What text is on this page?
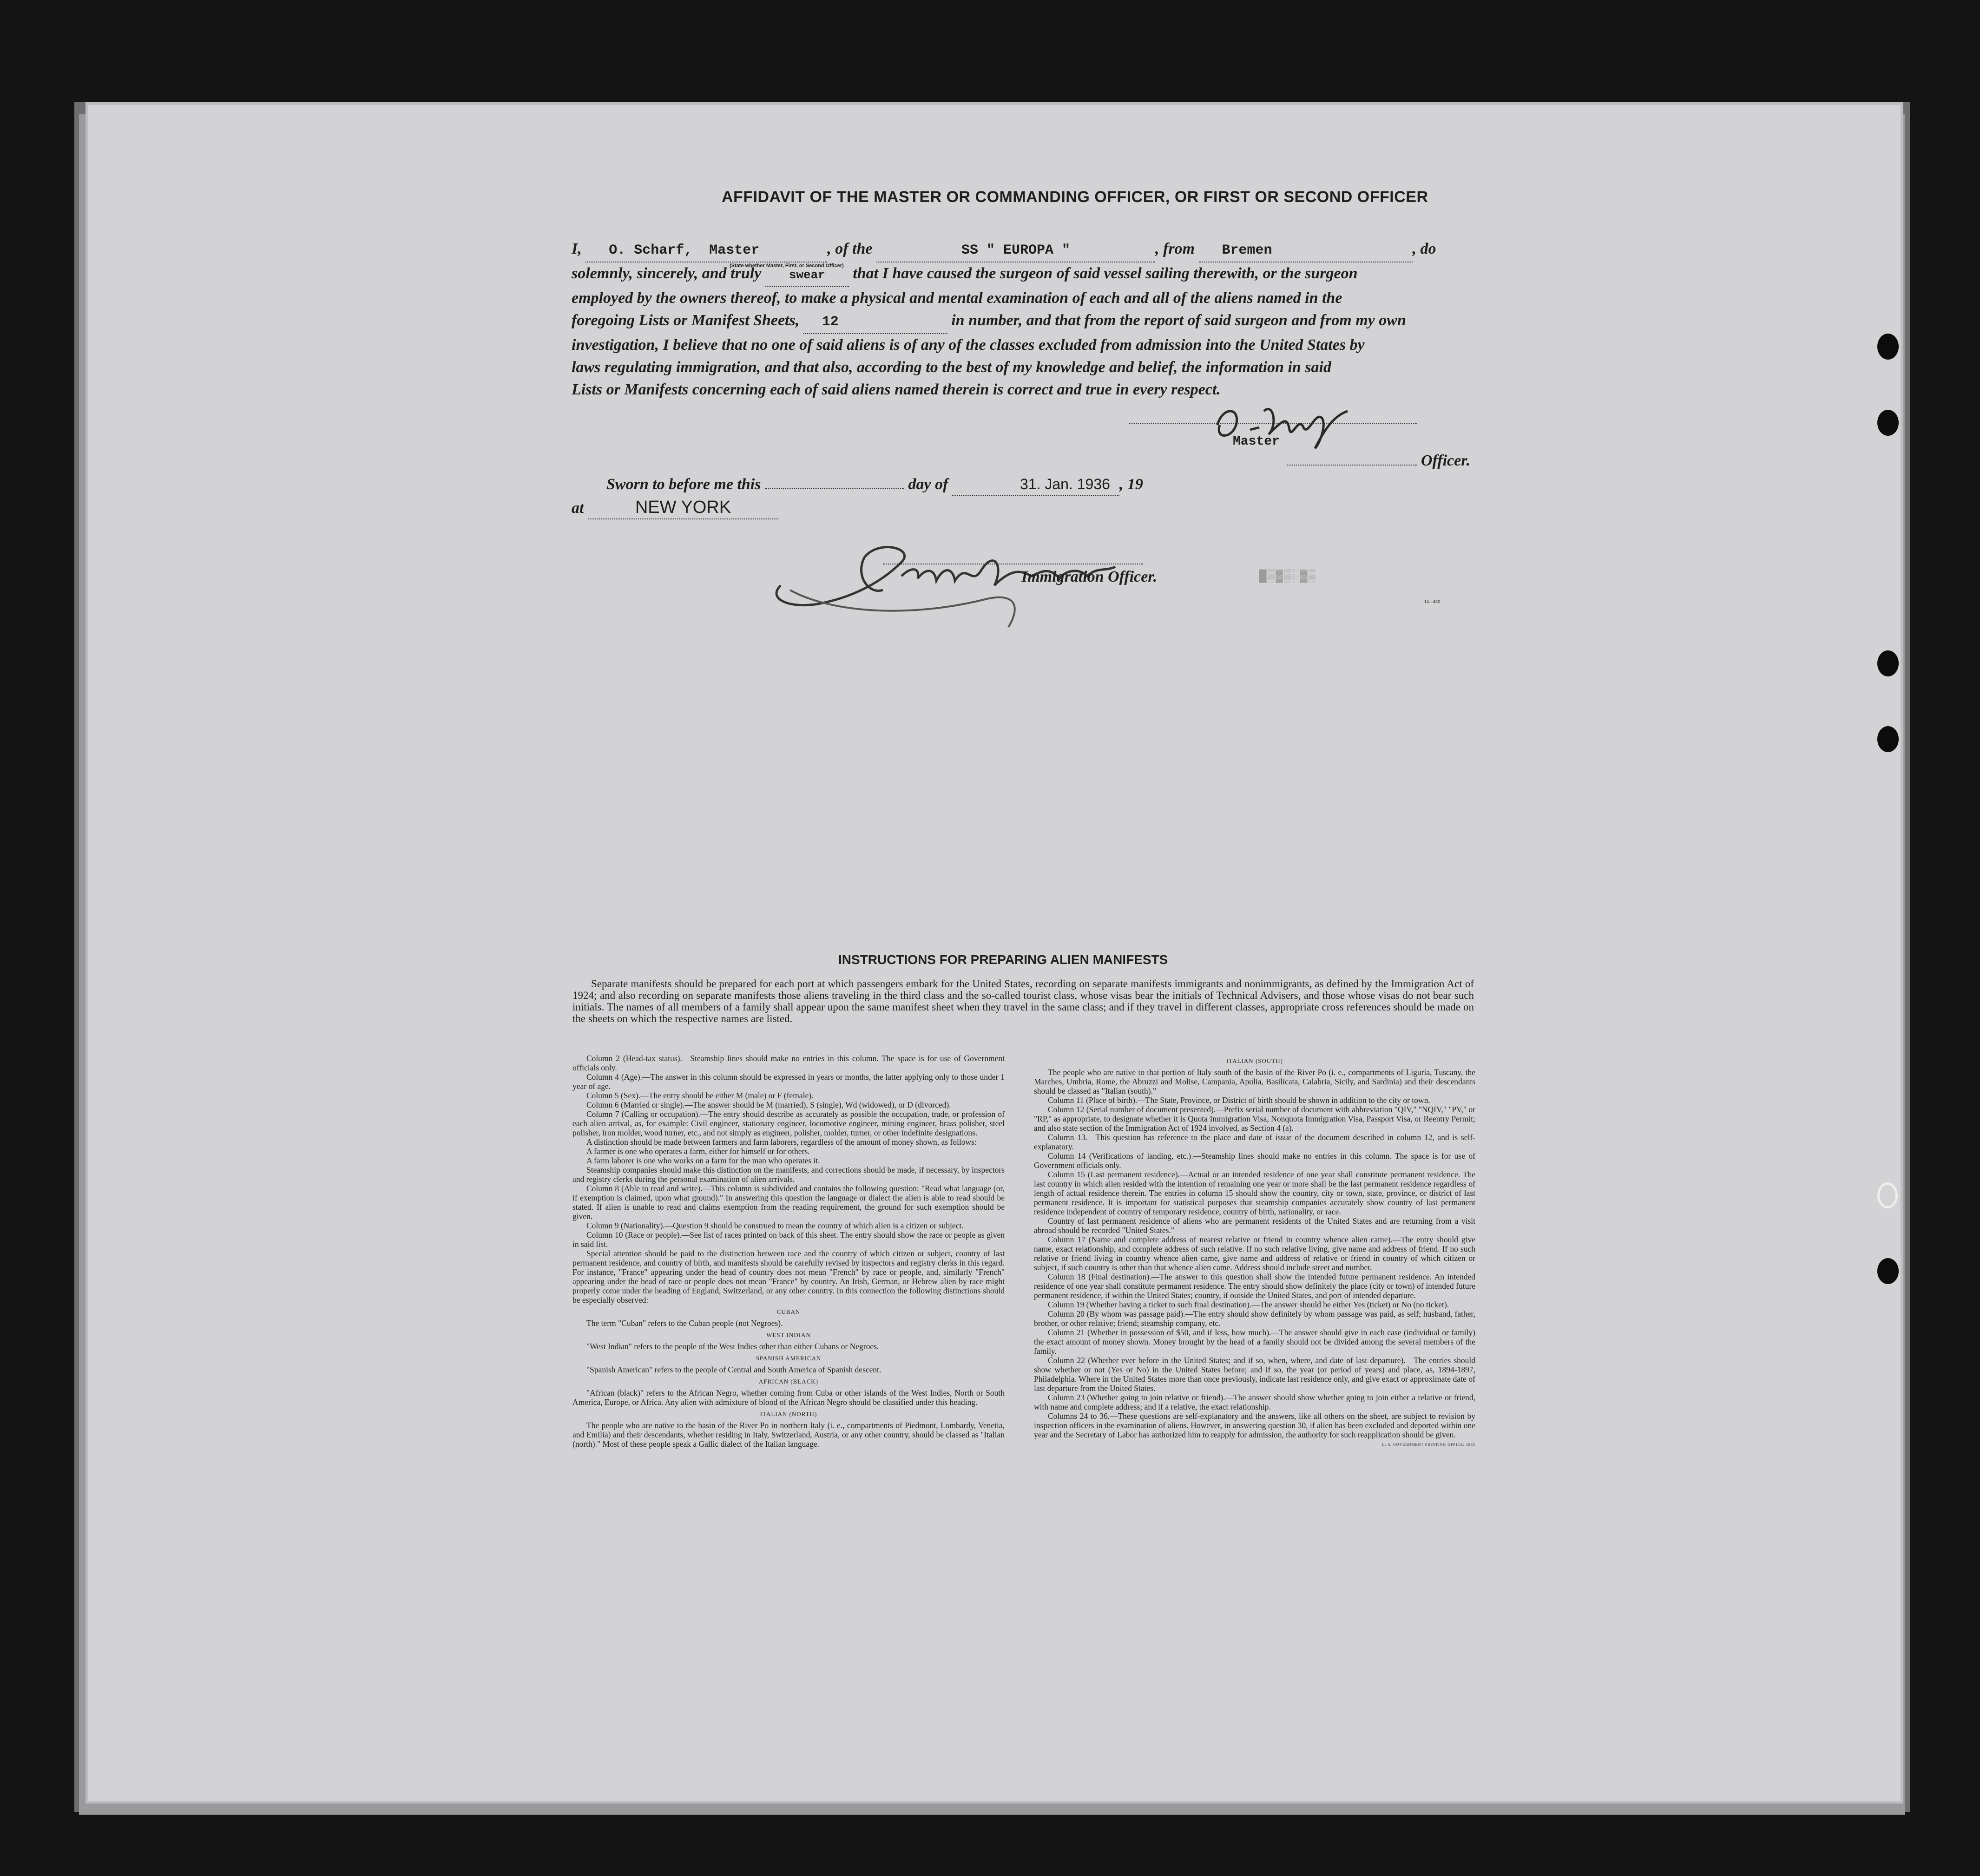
AFFIDAVIT OF THE MASTER OR COMMANDING OFFICER, OR FIRST OR SECOND OFFICER
I, O. Scharf, Master	, of the	SS " EUROPA "	, from Bremen	, do
(State whether Master, First, or Second Officer)
solemnly, sincerely, and truly swear that I have caused the surgeon of said vessel sailing therewith, or the surgeon
employed by the owners thereof, to make a physical and mental examination of each and all of the aliens named in the
foregoing Lists or Manifest Sheets, 12	in number, and that from the report of said surgeon and from my own
investigation, I believe that no one of said aliens is of any of the classes excluded from admission into the United States by
laws regulating immigration, and that also, according to the best of my knowledge and belief, the information in said
Lists or Manifests concerning each of said aliens named therein is correct and true in every respect.
Master
Officer.
Sworn to before me this	day of	31. Jan. 1936 , 19
at	NEW YORK
Immigration Officer.	█▒▓▒░▓▒
14—430
INSTRUCTIONS FOR PREPARING ALIEN MANIFESTS
Separate manifests should be prepared for each port at which passengers embark for the United States, recording on separate manifests immigrants and nonimmigrants, as defined by the Immigration Act of 1924; and also recording on separate manifests those aliens traveling in the third class and the so-called tourist class, whose visas bear the initials of Technical Advisers, and those whose visas do not bear such initials. The names of all members of a family shall appear upon the same manifest sheet when they travel in the same class; and if they travel in different classes, appropriate cross references should be made on the sheets on which the respective names are listed.

Column 2 (Head-tax status).—Steamship lines should make no entries in this column. The space is for use of Government officials only.

Column 4 (Age).—The answer in this column should be expressed in years or months, the latter applying only to those under 1 year of age.

Column 5 (Sex).—The entry should be either M (male) or F (female).

Column 6 (Married or single).—The answer should be M (married), S (single), Wd (widowed), or D (divorced).

Column 7 (Calling or occupation).—The entry should describe as accurately as possible the occupation, trade, or profession of each alien arrival, as, for example: Civil engineer, stationary engineer, locomotive engineer, mining engineer, brass polisher, steel polisher, iron molder, wood turner, etc., and not simply as engineer, polisher, molder, turner, or other indefinite designations.

A distinction should be made between farmers and farm laborers, regardless of the amount of money shown, as follows:

A farmer is one who operates a farm, either for himself or for others.

A farm laborer is one who works on a farm for the man who operates it.

Steamship companies should make this distinction on the manifests, and corrections should be made, if necessary, by inspectors and registry clerks during the personal examination of alien arrivals.

Column 8 (Able to read and write).—This column is subdivided and contains the following question: "Read what language (or, if exemption is claimed, upon what ground)." In answering this question the language or dialect the alien is able to read should be stated. If alien is unable to read and claims exemption from the reading requirement, the ground for such exemption should be given.

Column 9 (Nationality).—Question 9 should be construed to mean the country of which alien is a citizen or subject.

Column 10 (Race or people).—See list of races printed on back of this sheet. The entry should show the race or people as given in said list.

Special attention should be paid to the distinction between race and the country of which citizen or subject, country of last permanent residence, and country of birth, and manifests should be carefully revised by inspectors and registry clerks in this regard. For instance, "France" appearing under the head of country does not mean "French" by race or people, and, similarly "French" appearing under the head of race or people does not mean "France" by country. An Irish, German, or Hebrew alien by race might properly come under the heading of England, Switzerland, or any other country. In this connection the following distinctions should be especially observed:

CUBAN

The term "Cuban" refers to the Cuban people (not Negroes).

WEST INDIAN

"West Indian" refers to the people of the West Indies other than either Cubans or Negroes.

SPANISH AMERICAN

"Spanish American" refers to the people of Central and South America of Spanish descent.

AFRICAN (BLACK)

"African (black)" refers to the African Negro, whether coming from Cuba or other islands of the West Indies, North or South America, Europe, or Africa. Any alien with admixture of blood of the African Negro should be classified under this heading.

ITALIAN (NORTH)

The people who are native to the basin of the River Po in northern Italy (i. e., compartments of Piedmont, Lombardy, Venetia, and Emilia) and their descendants, whether residing in Italy, Switzerland, Austria, or any other country, should be classed as "Italian (north)." Most of these people speak a Gallic dialect of the Italian language.

ITALIAN (SOUTH)

The people who are native to that portion of Italy south of the basin of the River Po (i. e., compartments of Liguria, Tuscany, the Marches, Umbria, Rome, the Abruzzi and Molise, Campania, Apulia, Basilicata, Calabria, Sicily, and Sardinia) and their descendants should be classed as "Italian (south)."

Column 11 (Place of birth).—The State, Province, or District of birth should be shown in addition to the city or town.

Column 12 (Serial number of document presented).—Prefix serial number of document with abbreviation "QIV," "NQIV," "PV," or "RP," as appropriate, to designate whether it is Quota Immigration Visa, Nonquota Immigration Visa, Passport Visa, or Reentry Permit; and also state section of the Immigration Act of 1924 involved, as Section 4 (a).

Column 13.—This question has reference to the place and date of issue of the document described in column 12, and is self-explanatory.

Column 14 (Verifications of landing, etc.).—Steamship lines should make no entries in this column. The space is for use of Government officials only.

Column 15 (Last permanent residence).—Actual or an intended residence of one year shall constitute permanent residence. The last country in which alien resided with the intention of remaining one year or more shall be the last permanent residence regardless of length of actual residence therein. The entries in column 15 should show the country, city or town, state, province, or district of last permanent residence. It is important for statistical purposes that steamship companies accurately show country of last permanent residence independent of country of temporary residence, country of birth, nationality, or race.

Country of last permanent residence of aliens who are permanent residents of the United States and are returning from a visit abroad should be recorded "United States."

Column 17 (Name and complete address of nearest relative or friend in country whence alien came).—The entry should give name, exact relationship, and complete address of such relative. If no such relative living, give name and address of friend. If no such relative or friend living in country whence alien came, give name and address of relative or friend in country of which citizen or subject, if such country is other than that whence alien came. Address should include street and number.

Column 18 (Final destination).—The answer to this question shall show the intended future permanent residence. An intended residence of one year shall constitute permanent residence. The entry should show definitely the place (city or town) of intended future permanent residence, if within the United States; country, if outside the United States, and port of intended departure.

Column 19 (Whether having a ticket to such final destination).—The answer should be either Yes (ticket) or No (no ticket).

Column 20 (By whom was passage paid).—The entry should show definitely by whom passage was paid, as self; husband, father, brother, or other relative; friend; steamship company, etc.

Column 21 (Whether in possession of $50, and if less, how much).—The answer should give in each case (individual or family) the exact amount of money shown. Money brought by the head of a family should not be divided among the several members of the family.

Column 22 (Whether ever before in the United States; and if so, when, where, and date of last departure).—The entries should show whether or not (Yes or No) in the United States before; and if so, the year (or period of years) and place, as, 1894-1897, Philadelphia. Where in the United States more than once previously, indicate last residence only, and give exact or approximate date of last departure from the United States.

Column 23 (Whether going to join relative or friend).—The answer should show whether going to join either a relative or friend, with name and complete address; and if a relative, the exact relationship.

Columns 24 to 36.—These questions are self-explanatory and the answers, like all others on the sheet, are subject to revision by inspection officers in the examination of aliens. However, in answering question 30, if alien has been excluded and deported within one year and the Secretary of Labor has authorized him to reapply for admission, the authority for such reapplication should be given.

U. S. GOVERNMENT PRINTING OFFICE: 1935
